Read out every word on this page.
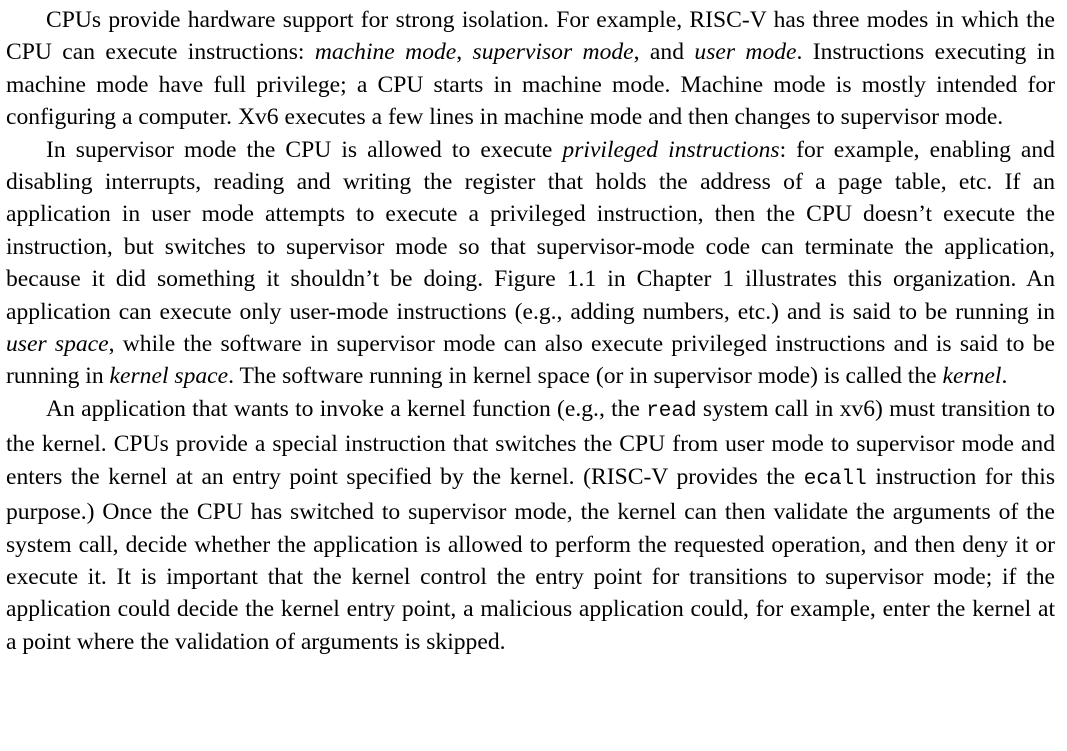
CPUs provide hardware support for strong isolation. For example, RISC-V has three modes in which the CPU can execute instructions: machine mode, supervisor mode, and user mode. Instructions executing in machine mode have full privilege; a CPU starts in machine mode. Machine mode is mostly intended for configuring a computer. Xv6 executes a few lines in machine mode and then changes to supervisor mode.

In supervisor mode the CPU is allowed to execute privileged instructions: for example, enabling and disabling interrupts, reading and writing the register that holds the address of a page table, etc. If an application in user mode attempts to execute a privileged instruction, then the CPU doesn’t execute the instruction, but switches to supervisor mode so that supervisor-mode code can terminate the application, because it did something it shouldn’t be doing. Figure 1.1 in Chapter 1 illustrates this organization. An application can execute only user-mode instructions (e.g., adding numbers, etc.) and is said to be running in user space, while the software in supervisor mode can also execute privileged instructions and is said to be running in kernel space. The software running in kernel space (or in supervisor mode) is called the kernel.

An application that wants to invoke a kernel function (e.g., the read system call in xv6) must transition to the kernel. CPUs provide a special instruction that switches the CPU from user mode to supervisor mode and enters the kernel at an entry point specified by the kernel. (RISC-V provides the ecall instruction for this purpose.) Once the CPU has switched to supervisor mode, the kernel can then validate the arguments of the system call, decide whether the application is allowed to perform the requested operation, and then deny it or execute it. It is important that the kernel control the entry point for transitions to supervisor mode; if the application could decide the kernel entry point, a malicious application could, for example, enter the kernel at a point where the validation of arguments is skipped.
